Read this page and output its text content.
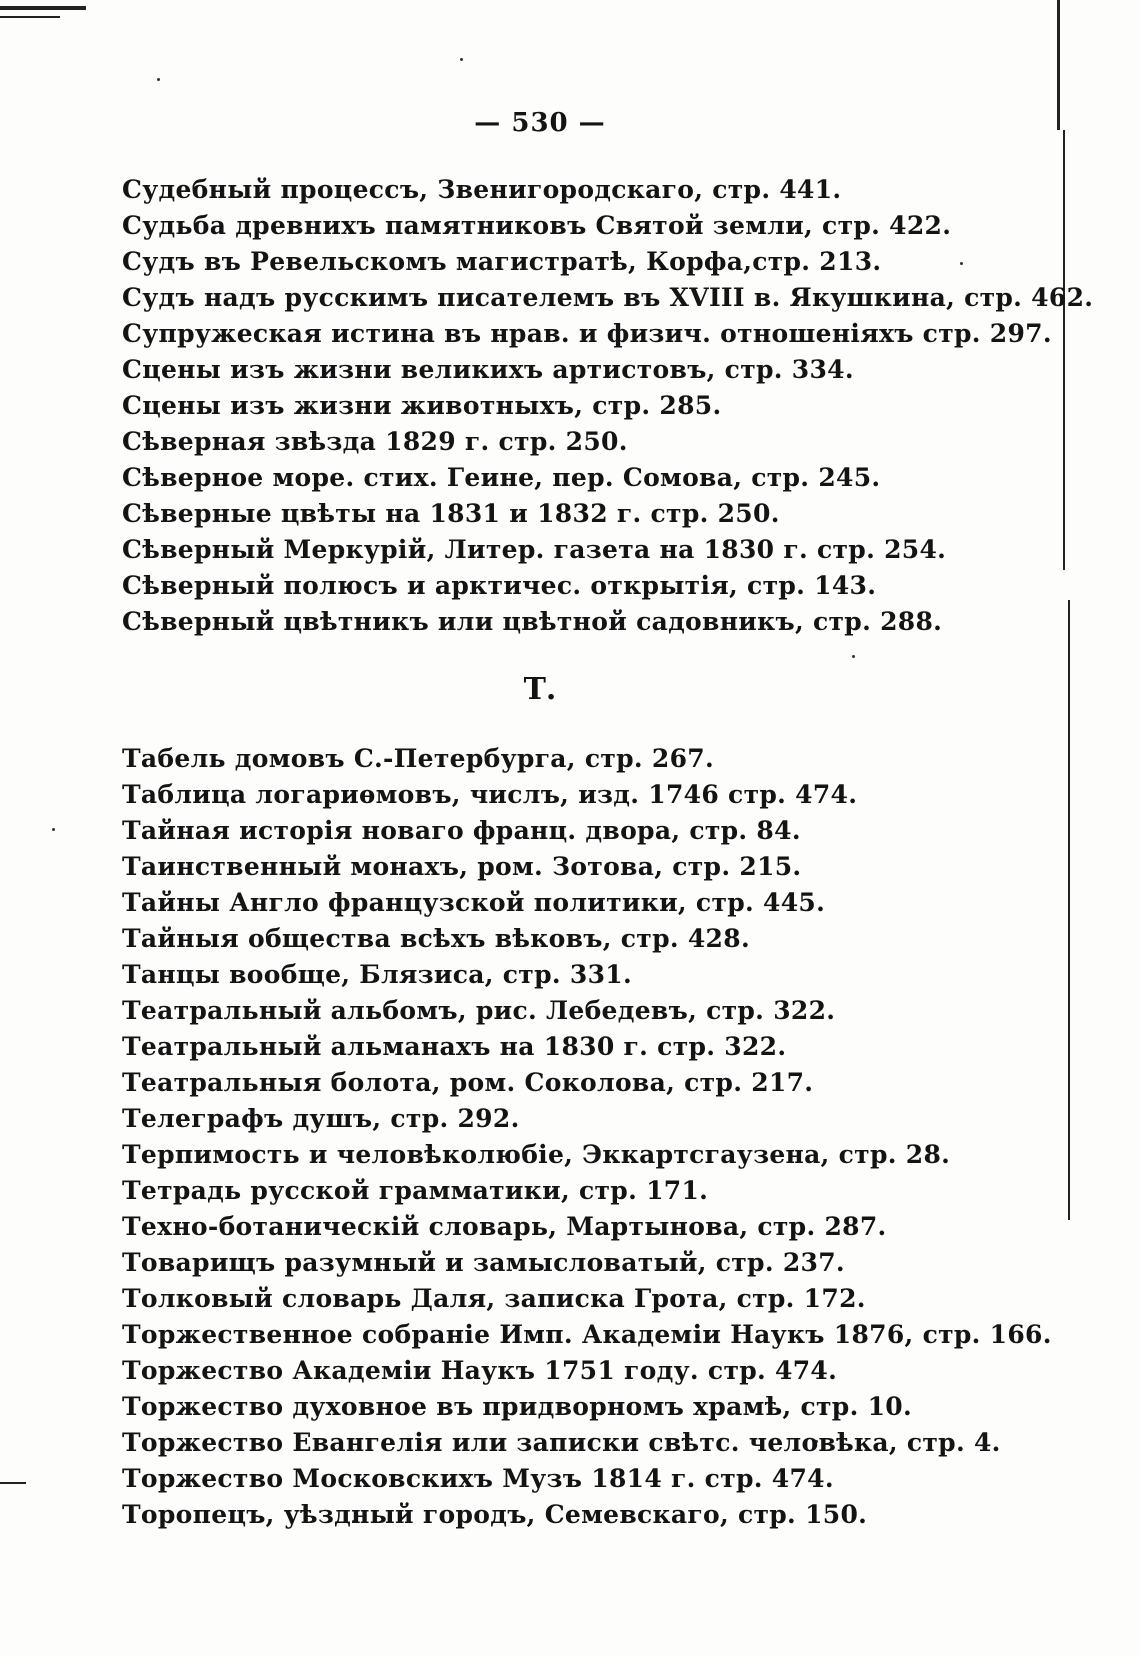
— 530 —
Судебный процессъ, Звенигородскаго, стр. 441.
Судьба древнихъ памятниковъ Святой земли, стр. 422.
Судъ въ Ревельскомъ магистратѣ, Корфа,стр. 213.
Судъ надъ русскимъ писателемъ въ XVIII в. Якушкина, стр. 462.
Супружеская истина въ нрав. и физич. отношеніяхъ стр. 297.
Сцены изъ жизни великихъ артистовъ, стр. 334.
Сцены изъ жизни животныхъ, стр. 285.
Сѣверная звѣзда 1829 г. стр. 250.
Сѣверное море. стих. Геине, пер. Сомова, стр. 245.
Сѣверные цвѣты на 1831 и 1832 г. стр. 250.
Сѣверный Меркурій, Литер. газета на 1830 г. стр. 254.
Сѣверный полюсъ и арктичес. открытія, стр. 143.
Сѣверный цвѣтникъ или цвѣтной садовникъ, стр. 288.
Т.
Табель домовъ С.-Петербурга, стр. 267.
Таблица логариѳмовъ, числъ, изд. 1746 стр. 474.
Тайная исторія новаго франц. двора, стр. 84.
Таинственный монахъ, ром. Зотова, стр. 215.
Тайны Англо французской политики, стр. 445.
Тайныя общества всѣхъ вѣковъ, стр. 428.
Танцы вообще, Блязиса, стр. 331.
Театральный альбомъ, рис. Лебедевъ, стр. 322.
Театральный альманахъ на 1830 г. стр. 322.
Театральныя болота, ром. Соколова, стр. 217.
Телеграфъ душъ, стр. 292.
Терпимость и человѣколюбіе, Эккартсгаузена, стр. 28.
Тетрадь русской грамматики, стр. 171.
Техно-ботаническій словарь, Мартынова, стр. 287.
Товарищъ разумный и замысловатый, стр. 237.
Толковый словарь Даля, записка Грота, стр. 172.
Торжественное собраніе Имп. Академіи Наукъ 1876, стр. 166.
Торжество Академіи Наукъ 1751 году. стр. 474.
Торжество духовное въ придворномъ храмѣ, стр. 10.
Торжество Евангелія или записки свѣтс. человѣка, стр. 4.
Торжество Московскихъ Музъ 1814 г. стр. 474.
Торопецъ, уѣздный городъ, Семевскаго, стр. 150.
